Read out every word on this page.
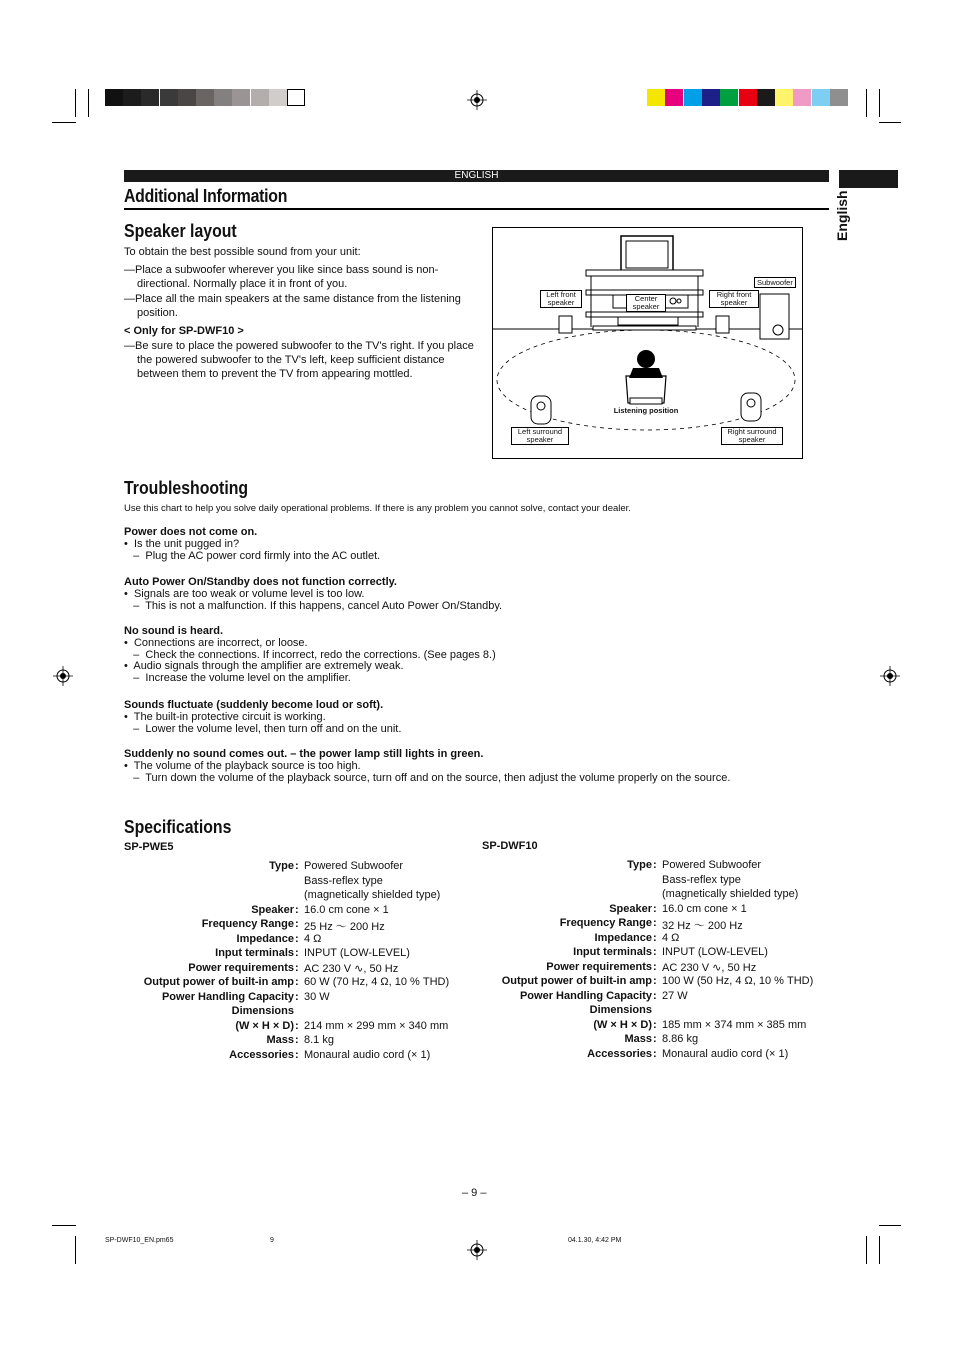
ENGLISH
English
Additional Information
Speaker layout
To obtain the best possible sound from your unit:
—Place a subwoofer wherever you like since bass sound is non-directional. Normally place it in front of you.
—Place all the main speakers at the same distance from the listening position.
< Only for SP-DWF10 >
—Be sure to place the powered subwoofer to the TV's right. If you place the powered subwoofer to the TV's left, keep sufficient distance between them to prevent the TV from appearing mottled.
Subwoofer
Left front speaker	Center speaker
Right front speaker
Listening position
Left surround speaker
Right surround speaker
Troubleshooting
Use this chart to help you solve daily operational problems. If there is any problem you cannot solve, contact your dealer.
Power does not come on.
•  Is the unit pugged in?
–  Plug the AC power cord firmly into the AC outlet.
Auto Power On/Standby does not function correctly.
•  Signals are too weak or volume level is too low.
–  This is not a malfunction. If this happens, cancel Auto Power On/Standby.
No sound is heard.
•  Connections are incorrect, or loose.
–  Check the connections. If incorrect, redo the corrections. (See pages 8.)
•  Audio signals through the amplifier are extremely weak.
–  Increase the volume level on the amplifier.
Sounds fluctuate (suddenly become loud or soft).
•  The built-in protective circuit is working.
–  Lower the volume level, then turn off and on the unit.
Suddenly no sound comes out. – the power lamp still lights in green.
•  The volume of the playback source is too high.
–  Turn down the volume of the playback source, turn off and on the source, then adjust the volume properly on the source.
Specifications
SP-PWE5
Type : Powered Subwoofer
Bass-reflex type
(magnetically shielded type)
Speaker : 16.0 cm cone × 1
Frequency Range : 25 Hz ～ 200 Hz
Impedance : 4 Ω
Input terminals : INPUT (LOW-LEVEL)
Power requirements : AC 230 V ∿, 50 Hz
Output power of built-in amp : 60 W (70 Hz, 4 Ω, 10 % THD)
Power Handling Capacity : 30 W
Dimensions
(W × H × D) : 214 mm × 299 mm × 340 mm
Mass : 8.1 kg
Accessories : Monaural audio cord (× 1)
SP-DWF10
Type : Powered Subwoofer
Bass-reflex type
(magnetically shielded type)
Speaker : 16.0 cm cone × 1
Frequency Range : 32 Hz ～ 200 Hz
Impedance : 4 Ω
Input terminals : INPUT (LOW-LEVEL)
Power requirements : AC 230 V ∿, 50 Hz
Output power of built-in amp : 100 W (50 Hz, 4 Ω, 10 % THD)
Power Handling Capacity : 27 W
Dimensions
(W × H × D) : 185 mm × 374 mm × 385 mm
Mass : 8.86 kg
Accessories : Monaural audio cord (× 1)
– 9 –
SP-DWF10_EN.pm65	9	04.1.30, 4:42 PM
